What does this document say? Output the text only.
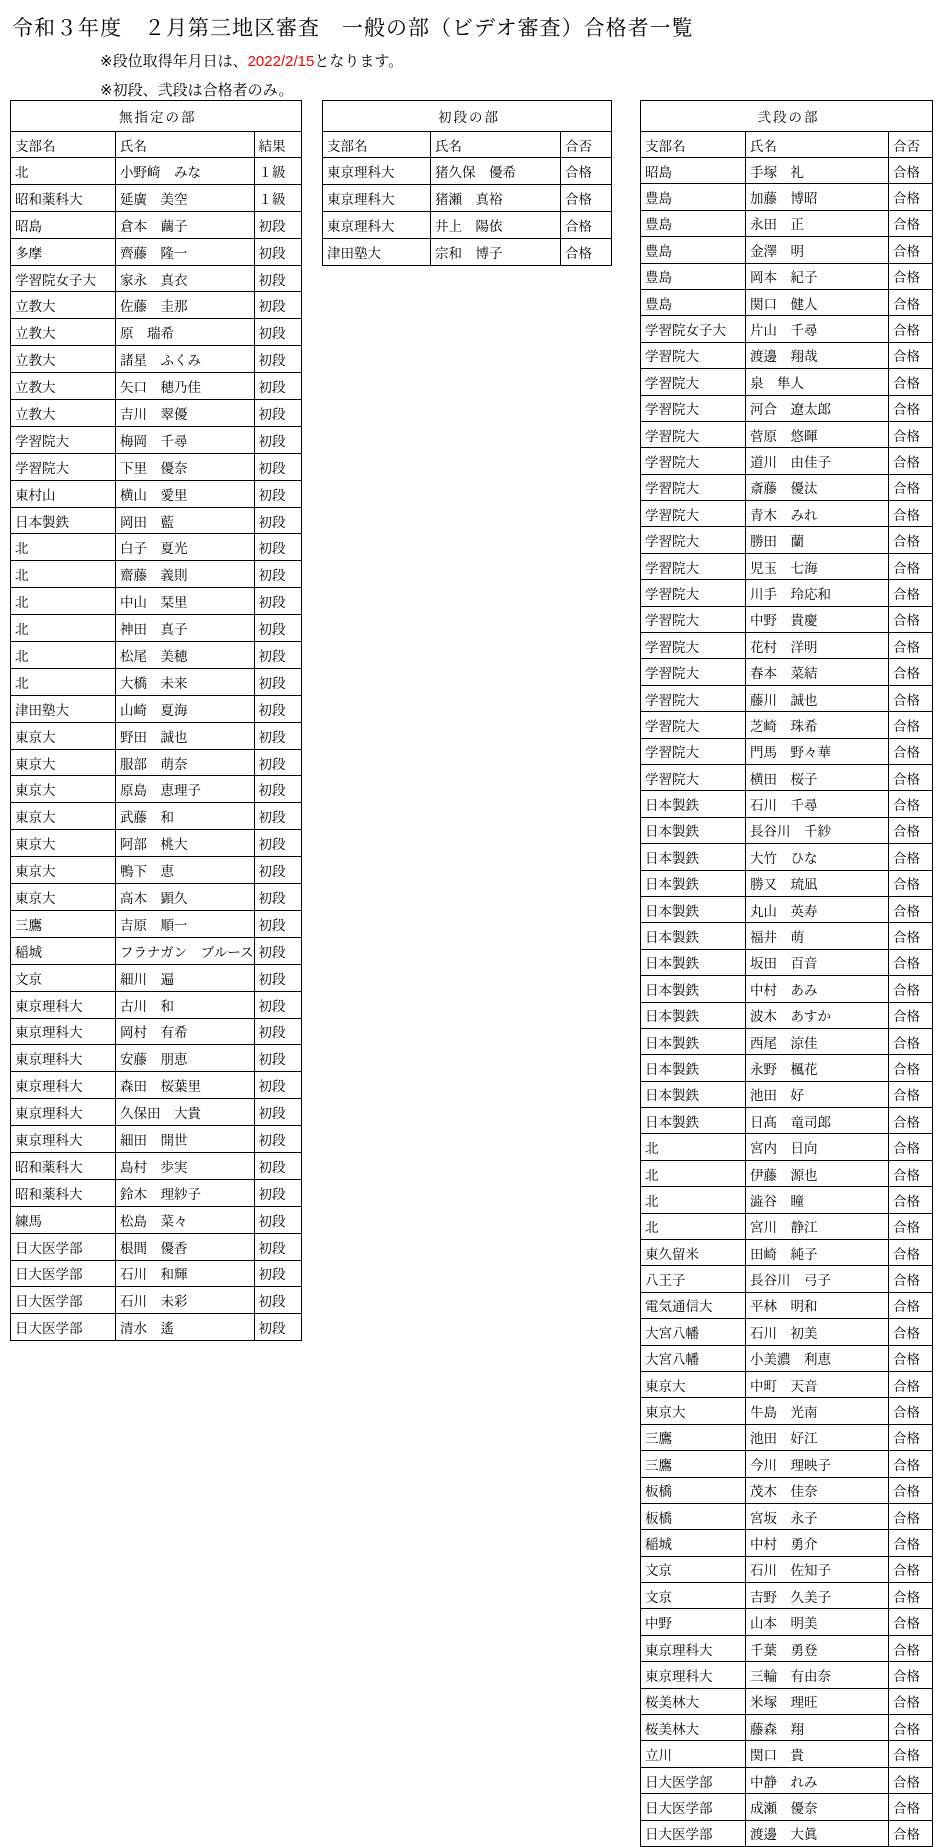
令和３年度　２月第三地区審査　一般の部（ビデオ審査）合格者一覧
※段位取得年月日は、2022/2/15となります。
※初段、弐段は合格者のみ。
無指定の部		
支部名	氏名	結果
北	小野﨑　みな	１級
昭和薬科大	延廣　美空	１級
昭島	倉本　繭子	初段
多摩	齊藤　隆一	初段
学習院女子大	家永　真衣	初段
立教大	佐藤　圭那	初段
立教大	原　瑞希	初段
立教大	諸星　ふくみ	初段
立教大	矢口　穂乃佳	初段
立教大	吉川　翠優	初段
学習院大	梅岡　千尋	初段
学習院大	下里　優奈	初段
東村山	横山　愛里	初段
日本製鉄	岡田　藍	初段
北	白子　夏光	初段
北	齋藤　義則	初段
北	中山　栞里	初段
北	神田　真子	初段
北	松尾　美穂	初段
北	大橋　未来	初段
津田塾大	山崎　夏海	初段
東京大	野田　誠也	初段
東京大	服部　萌奈	初段
東京大	原島　恵理子	初段
東京大	武藤　和	初段
東京大	阿部　桃大	初段
東京大	鴨下　恵	初段
東京大	高木　顕久	初段
三鷹	吉原　順一	初段
稲城	フラナガン　ブルース	初段
文京	細川　遍	初段
東京理科大	古川　和	初段
東京理科大	岡村　有希	初段
東京理科大	安藤　朋恵	初段
東京理科大	森田　桜葉里	初段
東京理科大	久保田　大貴	初段
東京理科大	細田　開世	初段
昭和薬科大	島村　歩実	初段
昭和薬科大	鈴木　理紗子	初段
練馬	松島　菜々	初段
日大医学部	根間　優香	初段
日大医学部	石川　和輝	初段
日大医学部	石川　未彩	初段
日大医学部	清水　遙	初段
初段の部		
支部名	氏名	合否
東京理科大	猪久保　優希	合格
東京理科大	猪瀬　真裕	合格
東京理科大	井上　陽依	合格
津田塾大	宗和　博子	合格
弐段の部		
支部名	氏名	合否
昭島	手塚　礼	合格
豊島	加藤　博昭	合格
豊島	永田　正	合格
豊島	金澤　明	合格
豊島	岡本　紀子	合格
豊島	関口　健人	合格
学習院女子大	片山　千尋	合格
学習院大	渡邊　翔哉	合格
学習院大	泉　隼人	合格
学習院大	河合　遼太郎	合格
学習院大	菅原　悠暉	合格
学習院大	道川　由佳子	合格
学習院大	斎藤　優汰	合格
学習院大	青木　みれ	合格
学習院大	勝田　蘭	合格
学習院大	児玉　七海	合格
学習院大	川手　玲応和	合格
学習院大	中野　貴慶	合格
学習院大	花村　洋明	合格
学習院大	春本　菜結	合格
学習院大	藤川　誠也	合格
学習院大	芝崎　珠希	合格
学習院大	門馬　野々華	合格
学習院大	横田　桜子	合格
日本製鉄	石川　千尋	合格
日本製鉄	長谷川　千紗	合格
日本製鉄	大竹　ひな	合格
日本製鉄	勝又　琉凪	合格
日本製鉄	丸山　英寿	合格
日本製鉄	福井　萌	合格
日本製鉄	坂田　百音	合格
日本製鉄	中村　あみ	合格
日本製鉄	波木　あすか	合格
日本製鉄	西尾　涼佳	合格
日本製鉄	永野　楓花	合格
日本製鉄	池田　好	合格
日本製鉄	日髙　竜司郎	合格
北	宮内　日向	合格
北	伊藤　源也	合格
北	澁谷　瞳	合格
北	宮川　静江	合格
東久留米	田崎　純子	合格
八王子	長谷川　弓子	合格
電気通信大	平林　明和	合格
大宮八幡	石川　初美	合格
大宮八幡	小美濃　利恵	合格
東京大	中町　天音	合格
東京大	牛島　光南	合格
三鷹	池田　好江	合格
三鷹	今川　理映子	合格
板橋	茂木　佳奈	合格
板橋	宮坂　永子	合格
稲城	中村　勇介	合格
文京	石川　佐知子	合格
文京	吉野　久美子	合格
中野	山本　明美	合格
東京理科大	千葉　勇登	合格
東京理科大	三輪　有由奈	合格
桜美林大	米塚　理旺	合格
桜美林大	藤森　翔	合格
立川	関口　貴	合格
日大医学部	中静　れみ	合格
日大医学部	成瀬　優奈	合格
日大医学部	渡邊　大眞	合格
